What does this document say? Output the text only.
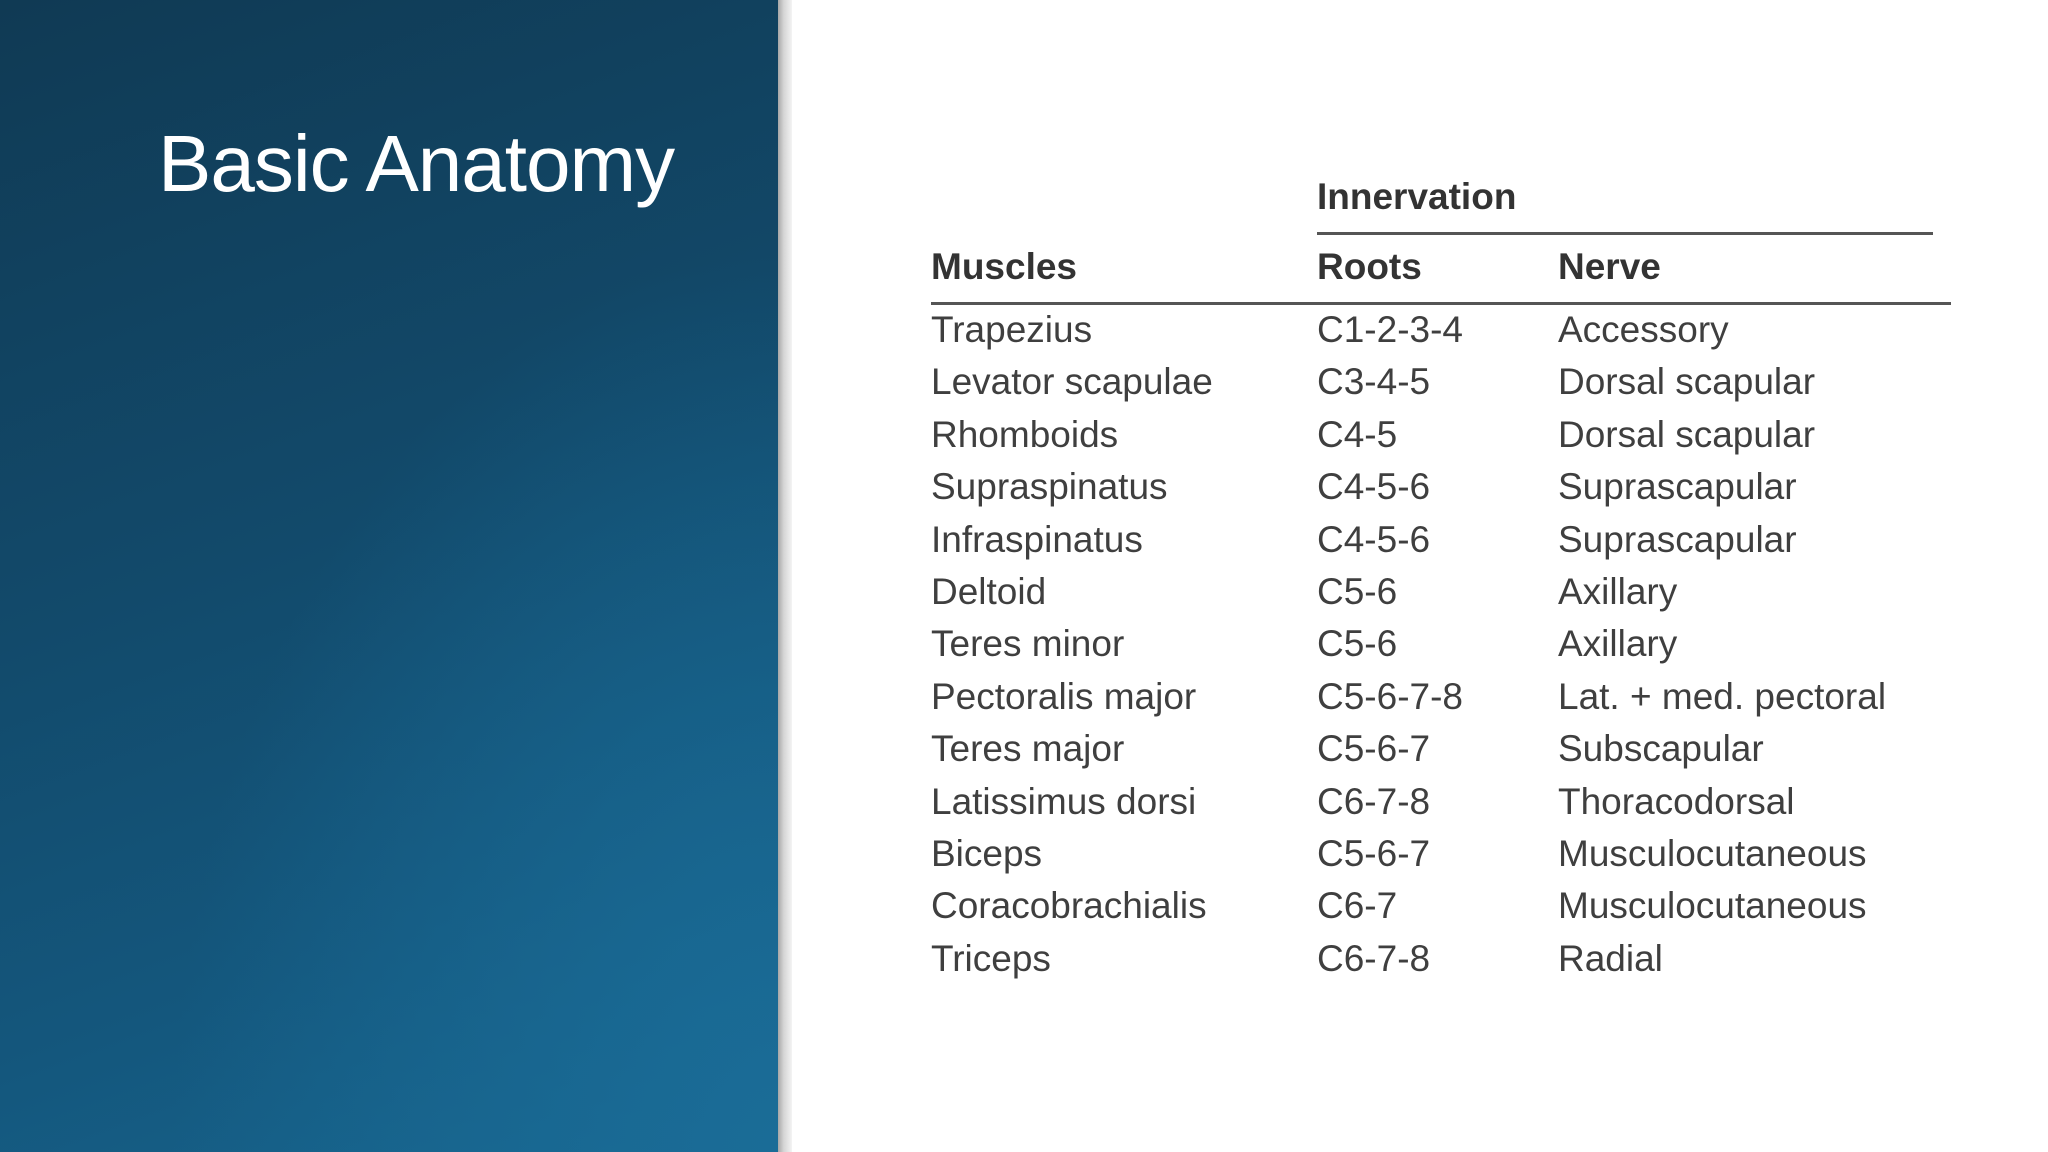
Basic Anatomy	Innervation
Muscles	Roots	Nerve
Trapezius	C1-2-3-4	Accessory
Levator scapulae	C3-4-5	Dorsal scapular
Rhomboids	C4-5	Dorsal scapular
Supraspinatus	C4-5-6	Suprascapular
Infraspinatus	C4-5-6	Suprascapular
Deltoid	C5-6	Axillary
Teres minor	C5-6	Axillary
Pectoralis major	C5-6-7-8	Lat. + med. pectoral
Teres major	C5-6-7	Subscapular
Latissimus dorsi	C6-7-8	Thoracodorsal
Biceps	C5-6-7	Musculocutaneous
Coracobrachialis	C6-7	Musculocutaneous
Triceps	C6-7-8	Radial
